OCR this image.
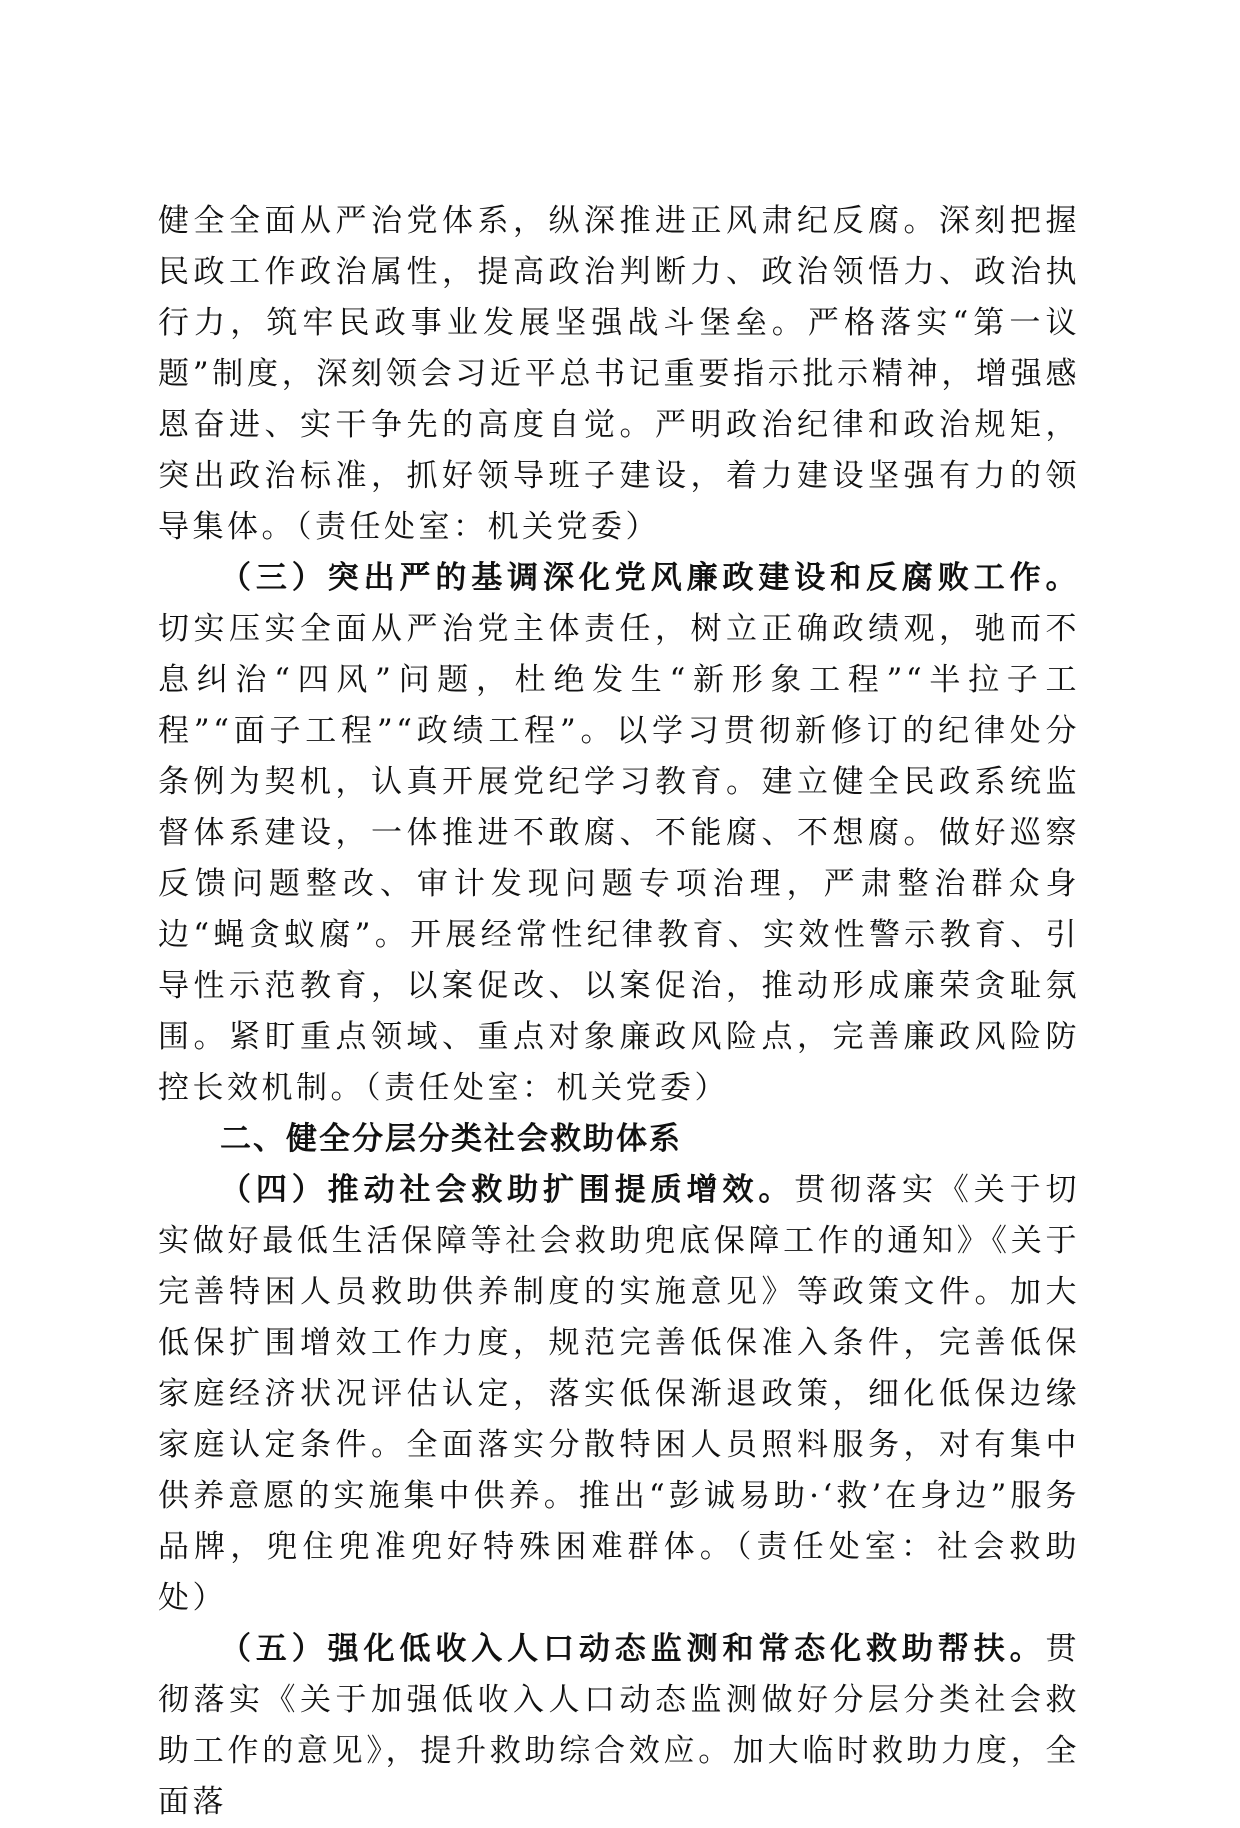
健全全面从严治党体系，纵深推进正风肃纪反腐。深刻把握民政工作政治属性，提高政治判断力、政治领悟力、政治执行力，筑牢民政事业发展坚强战斗堡垒。严格落实“第一议题”制度，深刻领会习近平总书记重要指示批示精神，增强感恩奋进、实干争先的高度自觉。严明政治纪律和政治规矩，突出政治标准，抓好领导班子建设，着力建设坚强有力的领导集体。（责任处室：机关党委）

（三）突出严的基调深化党风廉政建设和反腐败工作。切实压实全面从严治党主体责任，树立正确政绩观，驰而不息纠治“四风”问题，杜绝发生“新形象工程”“半拉子工程”“面子工程”“政绩工程”。以学习贯彻新修订的纪律处分条例为契机，认真开展党纪学习教育。建立健全民政系统监督体系建设，一体推进不敢腐、不能腐、不想腐。做好巡察反馈问题整改、审计发现问题专项治理，严肃整治群众身边“蝇贪蚁腐”。开展经常性纪律教育、实效性警示教育、引导性示范教育，以案促改、以案促治，推动形成廉荣贪耻氛围。紧盯重点领域、重点对象廉政风险点，完善廉政风险防控长效机制。（责任处室：机关党委）

二、健全分层分类社会救助体系

（四）推动社会救助扩围提质增效。贯彻落实《关于切实做好最低生活保障等社会救助兜底保障工作的通知》《关于完善特困人员救助供养制度的实施意见》等政策文件。加大低保扩围增效工作力度，规范完善低保准入条件，完善低保家庭经济状况评估认定，落实低保渐退政策，细化低保边缘家庭认定条件。全面落实分散特困人员照料服务，对有集中供养意愿的实施集中供养。推出“彭诚易助·‘救’在身边”服务品牌，兜住兜准兜好特殊困难群体。（责任处室：社会救助处）

（五）强化低收入人口动态监测和常态化救助帮扶。贯彻落实《关于加强低收入人口动态监测做好分层分类社会救助工作的意见》，提升救助综合效应。加大临时救助力度，全面落
